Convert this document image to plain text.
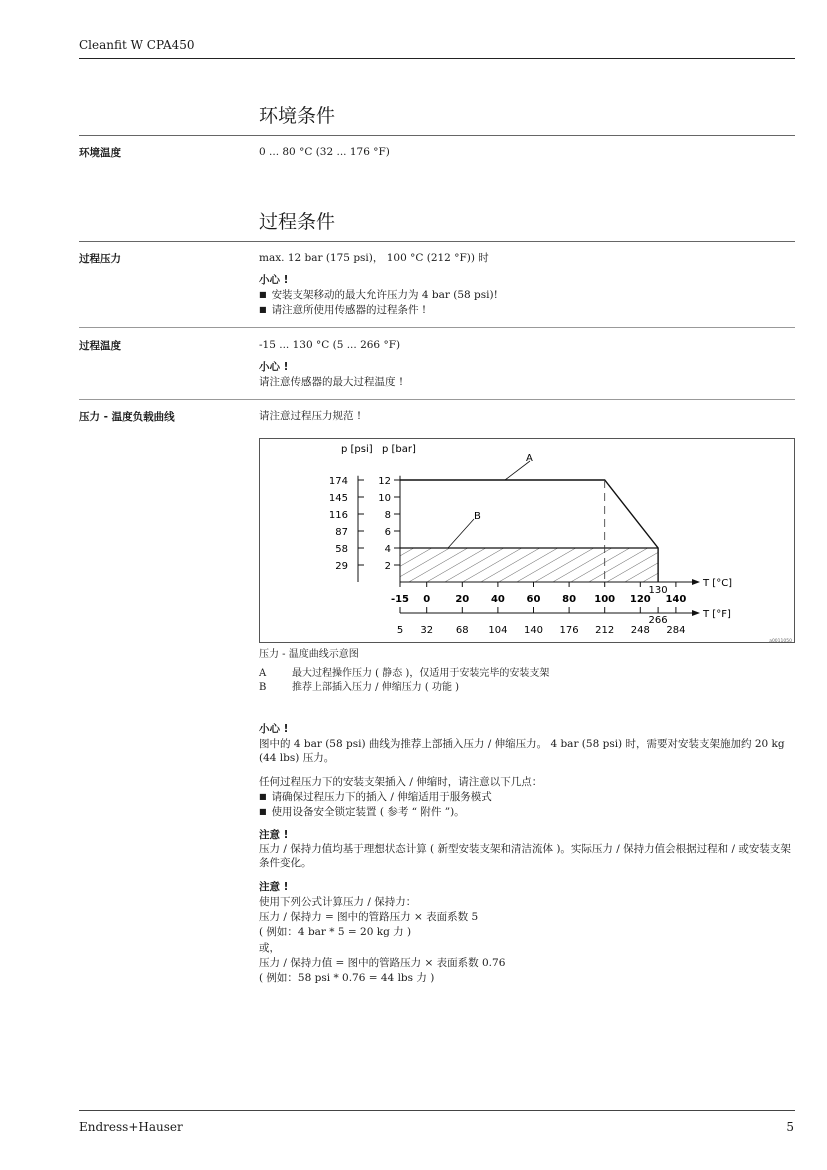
Cleanfit W CPA450
环境条件
环境温度	0 ... 80 °C (32 ... 176 °F)
过程条件
过程压力	max. 12 bar (175 psi)， 100 °C (212 °F)) 时
小心 !
■ 安装支架移动的最大允许压力为 4 bar (58 psi)!
■ 请注意所使用传感器的过程条件 !
过程温度	-15 ... 130 °C (5 ... 266 °F)
小心 !
请注意传感器的最大过程温度 !
压力 - 温度负载曲线	请注意过程压力规范 !
p [psi] p [bar]
T [°C]
T [°F]
12
174
10
145
8
116
6
87
4
58
2
29
-15
5
0
32
20
68
40
104
60
140
80
176
100
212
120
248
140
284
130
266
A
B
a0011050
压力 - 温度曲线示意图
A	最大过程操作压力 ( 静态 )，仅适用于安装完毕的安装支架
B	推荐上部插入压力 / 伸缩压力 ( 功能 )
小心 !
图中的 4 bar (58 psi) 曲线为推荐上部插入压力 / 伸缩压力。 4 bar (58 psi) 时，需要对安装支架施加约 20 kg (44 lbs) 压力。
任何过程压力下的安装支架插入 / 伸缩时，请注意以下几点：
■ 请确保过程压力下的插入 / 伸缩适用于服务模式
■ 使用设备安全锁定装置 ( 参考 “ 附件 ”)。
注意 !
压力 / 保持力值均基于理想状态计算 ( 新型安装支架和清洁流体 )。实际压力 / 保持力值会根据过程和 / 或安装支架条件变化。
注意 !
使用下列公式计算压力 / 保持力：
压力 / 保持力 = 图中的管路压力 × 表面系数 5
( 例如：4 bar * 5 = 20 kg 力 )
或，
压力 / 保持力值 = 图中的管路压力 × 表面系数 0.76
( 例如：58 psi * 0.76 = 44 lbs 力 )
Endress+Hauser	5
